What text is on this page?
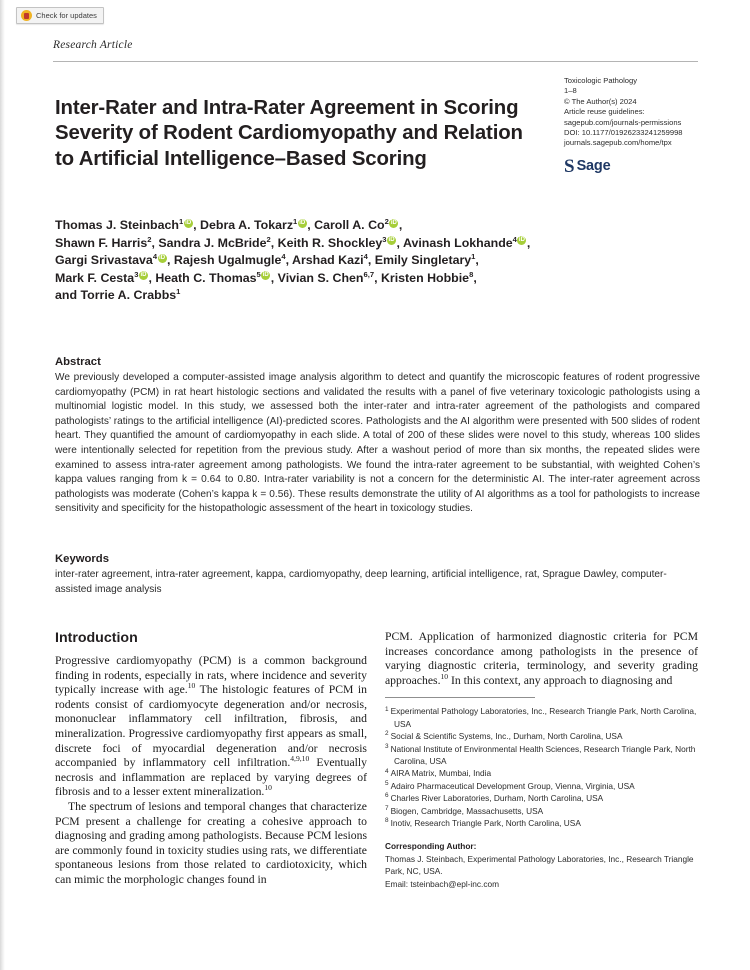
Check for updates
Research Article
Inter-Rater and Intra-Rater Agreement in Scoring Severity of Rodent Cardiomyopathy and Relation to Artificial Intelligence–Based Scoring
Toxicologic Pathology
1–8
© The Author(s) 2024
Article reuse guidelines:
sagepub.com/journals-permissions
DOI: 10.1177/01926233241259998
journals.sagepub.com/home/tpx
S Sage
Thomas J. Steinbach$^1$ iD , Debra A. Tokarz$^1$ iD , Caroll A. Co$^2$ iD ,
Shawn F. Harris$^2$, Sandra J. McBride$^2$, Keith R. Shockley$^3$ iD , Avinash Lokhande$^4$ iD ,
Gargi Srivastava$^4$ iD , Rajesh Ugalmugle$^4$, Arshad Kazi$^4$, Emily Singletary$^1$,
Mark F. Cesta$^3$ iD , Heath C. Thomas$^5$ iD , Vivian S. Chen$^{6,7}$, Kristen Hobbie$^8$,
and Torrie A. Crabbs$^1$
Abstract

We previously developed a computer-assisted image analysis algorithm to detect and quantify the microscopic features of rodent progressive cardiomyopathy (PCM) in rat heart histologic sections and validated the results with a panel of five veterinary toxicologic pathologists using a multinomial logistic model. In this study, we assessed both the inter-rater and intra-rater agreement of the pathologists and compared pathologists’ ratings to the artificial intelligence (AI)-predicted scores. Pathologists and the AI algorithm were presented with 500 slides of rodent heart. They quantified the amount of cardiomyopathy in each slide. A total of 200 of these slides were novel to this study, whereas 100 slides were intentionally selected for repetition from the previous study. After a washout period of more than six months, the repeated slides were examined to assess intra-rater agreement among pathologists. We found the intra-rater agreement to be substantial, with weighted Cohen’s kappa values ranging from k = 0.64 to 0.80. Intra-rater variability is not a concern for the deterministic AI. The inter-rater agreement across pathologists was moderate (Cohen’s kappa k = 0.56). These results demonstrate the utility of AI algorithms as a tool for pathologists to increase sensitivity and specificity for the histopathologic assessment of the heart in toxicology studies.

Keywords

inter-rater agreement, intra-rater agreement, kappa, cardiomyopathy, deep learning, artificial intelligence, rat, Sprague Dawley, computer-assisted image analysis

Introduction

Progressive cardiomyopathy (PCM) is a common background finding in rodents, especially in rats, where incidence and severity typically increase with age.$^{10}$ The histologic features of PCM in rodents consist of cardiomyocyte degeneration and/or necrosis, mononuclear inflammatory cell infiltration, fibrosis, and mineralization. Progressive cardiomyopathy first appears as small, discrete foci of myocardial degeneration and/or necrosis accompanied by inflammatory cell infiltration.$^{4,9,10}$ Eventually necrosis and inflammation are replaced by varying degrees of fibrosis and to a lesser extent mineralization.$^{10}$

The spectrum of lesions and temporal changes that characterize PCM present a challenge for creating a cohesive approach to diagnosing and grading among pathologists. Because PCM lesions are commonly found in toxicity studies using rats, we differentiate spontaneous lesions from those related to cardiotoxicity, which can mimic the morphologic changes found in

PCM. Application of harmonized diagnostic criteria for PCM increases concordance among pathologists in the presence of varying diagnostic criteria, terminology, and severity grading approaches.$^{10}$ In this context, any approach to diagnosing and

$^1$ Experimental Pathology Laboratories, Inc., Research Triangle Park, North Carolina, USA

$^2$ Social & Scientific Systems, Inc., Durham, North Carolina, USA

$^3$ National Institute of Environmental Health Sciences, Research Triangle Park, North Carolina, USA

$^4$ AIRA Matrix, Mumbai, India

$^5$ Adairo Pharmaceutical Development Group, Vienna, Virginia, USA

$^6$ Charles River Laboratories, Durham, North Carolina, USA

$^7$ Biogen, Cambridge, Massachusetts, USA

$^8$ Inotiv, Research Triangle Park, North Carolina, USA

Corresponding Author:
Thomas J. Steinbach, Experimental Pathology Laboratories, Inc., Research Triangle Park, NC, USA.
Email: tsteinbach@epl-inc.com
